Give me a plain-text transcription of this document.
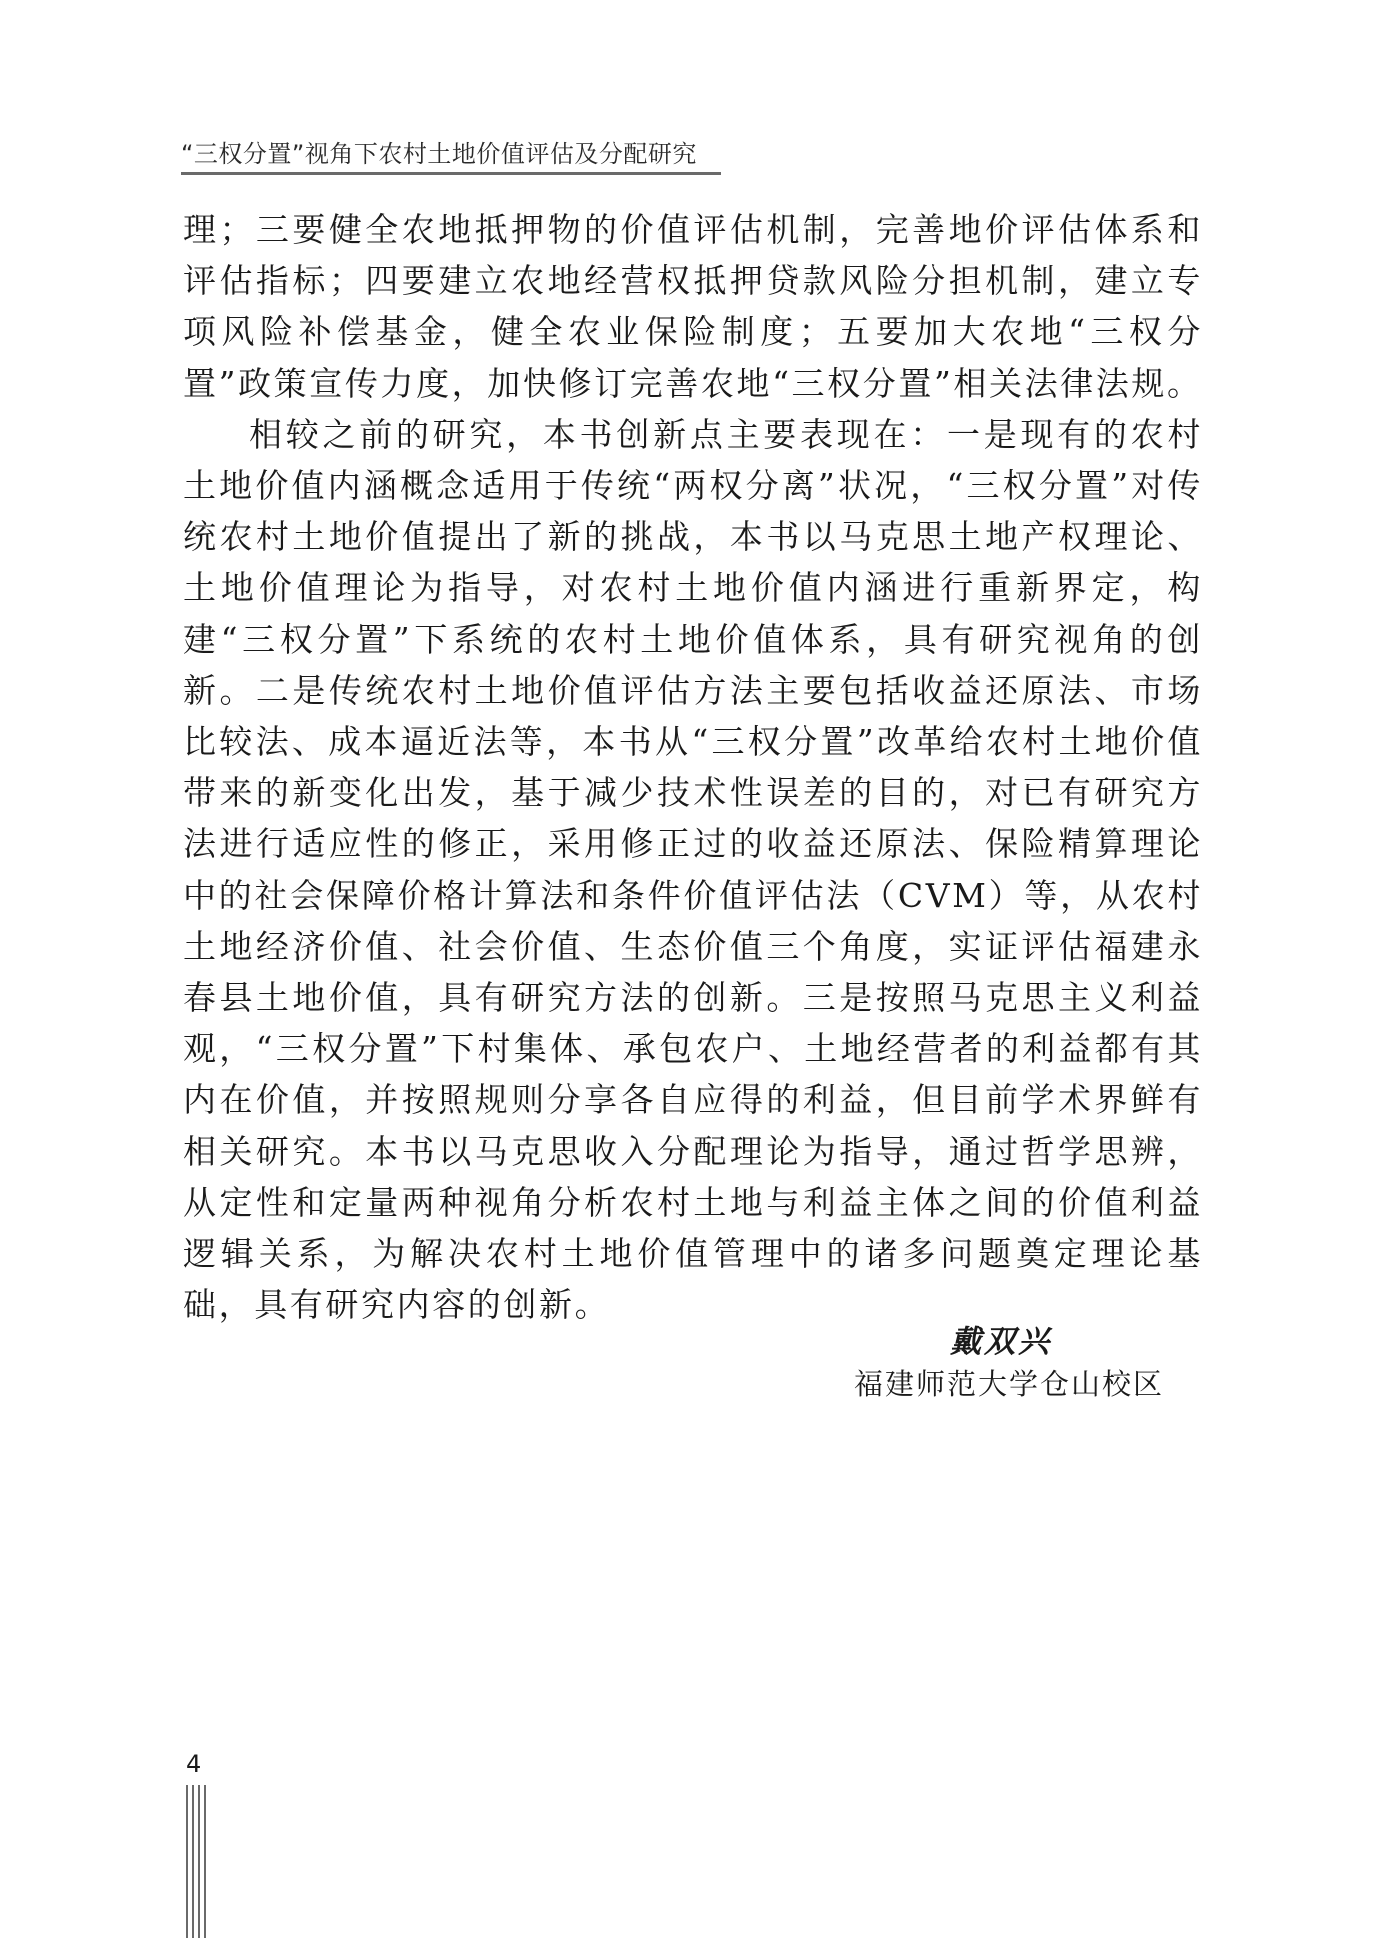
“三权分置”视角下农村土地价值评估及分配研究

理；三要健全农地抵押物的价值评估机制，完善地价评估体系和评估指标；四要建立农地经营权抵押贷款风险分担机制，建立专项风险补偿基金，健全农业保险制度；五要加大农地“三权分置”政策宣传力度，加快修订完善农地“三权分置”相关法律法规。

相较之前的研究，本书创新点主要表现在：一是现有的农村土地价值内涵概念适用于传统“两权分离”状况，“三权分置”对传统农村土地价值提出了新的挑战，本书以马克思土地产权理论、土地价值理论为指导，对农村土地价值内涵进行重新界定，构建“三权分置”下系统的农村土地价值体系，具有研究视角的创新。二是传统农村土地价值评估方法主要包括收益还原法、市场比较法、成本逼近法等，本书从“三权分置”改革给农村土地价值带来的新变化出发，基于减少技术性误差的目的，对已有研究方法进行适应性的修正，采用修正过的收益还原法、保险精算理论中的社会保障价格计算法和条件价值评估法（CVM）等，从农村土地经济价值、社会价值、生态价值三个角度，实证评估福建永春县土地价值，具有研究方法的创新。三是按照马克思主义利益观，“三权分置”下村集体、承包农户、土地经营者的利益都有其内在价值，并按照规则分享各自应得的利益，但目前学术界鲜有相关研究。本书以马克思收入分配理论为指导，通过哲学思辨，从定性和定量两种视角分析农村土地与利益主体之间的价值利益逻辑关系，为解决农村土地价值管理中的诸多问题奠定理论基础，具有研究内容的创新。

戴双兴
福建师范大学仓山校区
4
